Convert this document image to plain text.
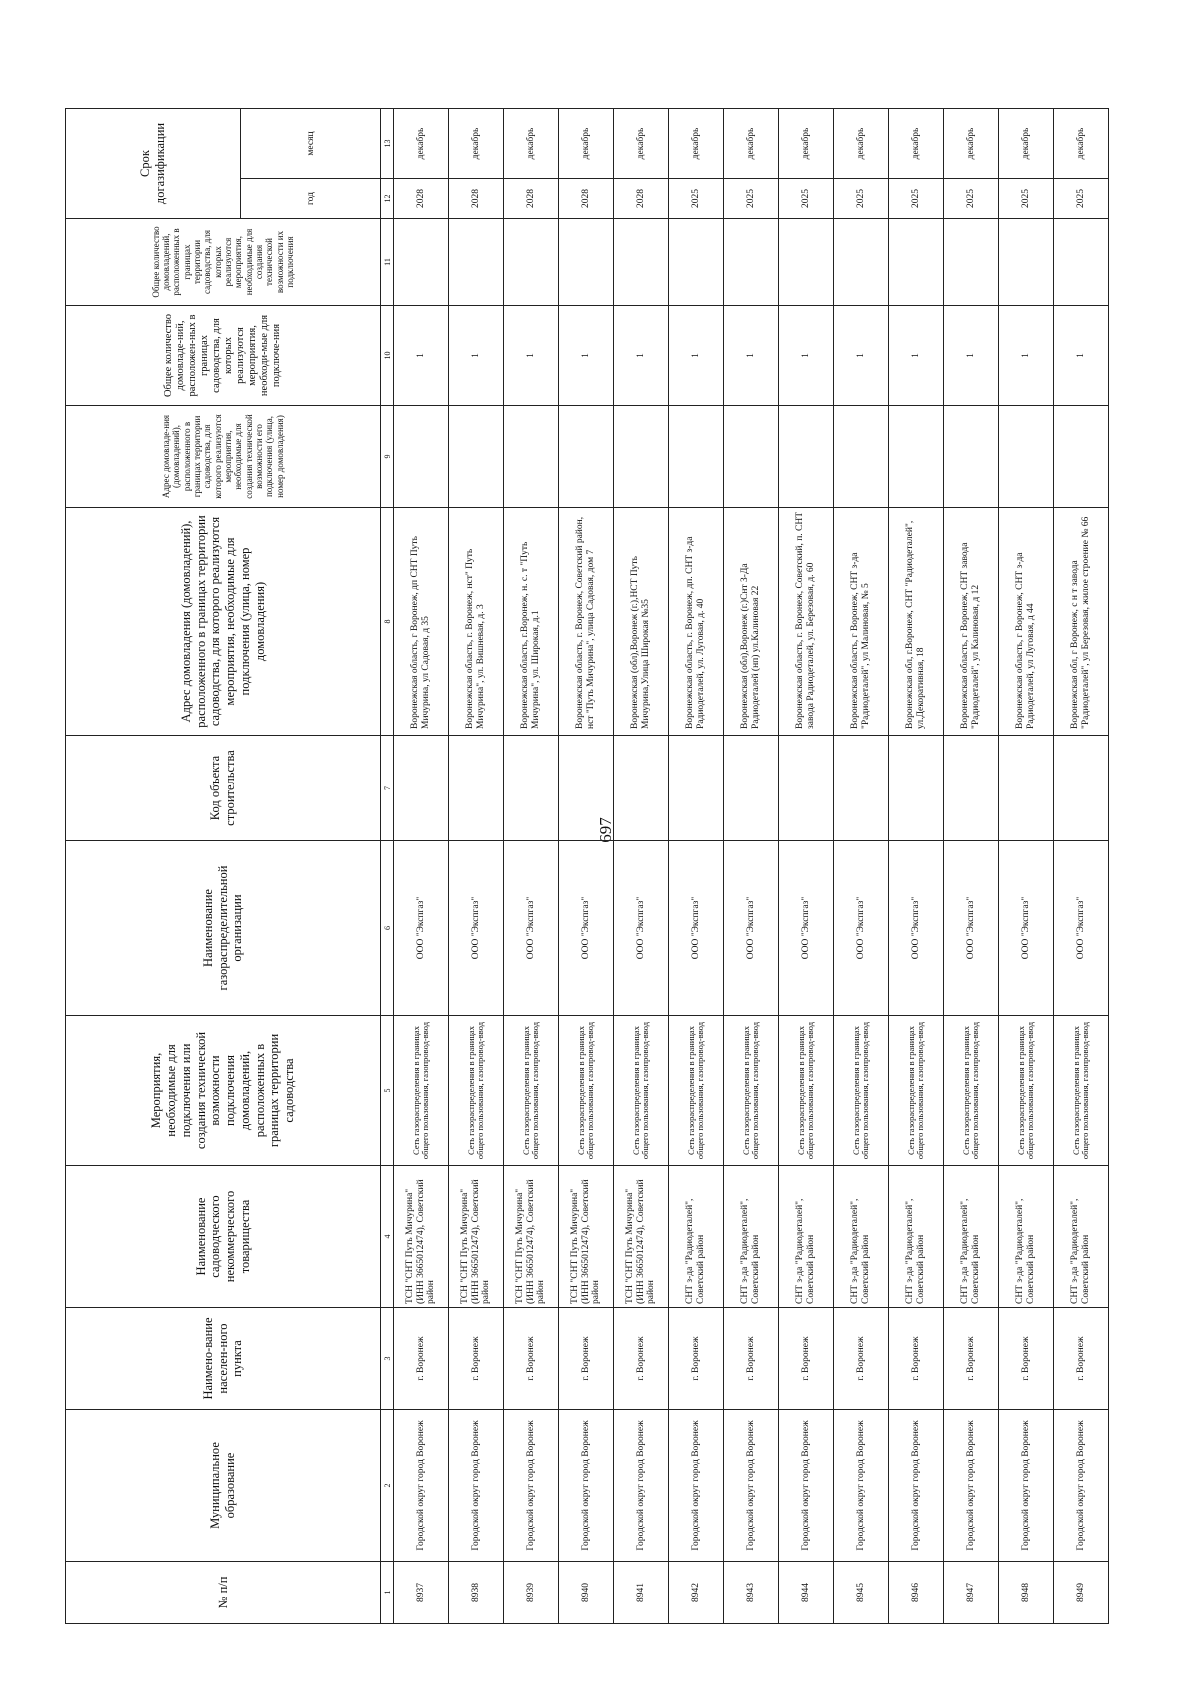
697
№ п/п	Муниципальное образование	Наимено-вание населен-ного пункта	Наименование садоводческого некоммерческого товарищества	Мероприятия, необходимые для подключения или создания технической возможности подключения домовладений, расположенных в границах территории садоводства	Наименование газораспределительной организации	Код объекта строительства	Адрес домовладения (домовладений), расположенного в границах территории садоводства, для которого реализуются мероприятия, необходимые для подключения (улица, номер домовладения)	Адрес домовладе-ния (домовладений), расположенного в границах территории садоводства, для которого реализуются мероприятия, необходимые для создания технической возможности его подключения (улица, номер домовладения)	Общее количество домовладе-ний, расположен-ных в границах садоводства, для которых реализуются мероприятия, необходи-мые для подключе-ния	Общее количество домовладений, расположенных в границах территории садоводства, для которых реализуются мероприятия, необходимые для создания технической возможности их подключения	Срок догазификации	
											год	месяц
1	2	3	4	5	6	7	8	9	10	11	12	13
8937	Городской округ город Воронеж	г. Воронеж	ТСН "СНТ Путь Мичурина" (ИНН 3665012474), Советский район	Сеть газораспределения в границах общего пользования, газопровод-ввод	ООО "Экспгаз"		Воронежская область, г Воронеж, дп СНТ Путь Мичурина, ул Садовая, д 35		1		2028	декабрь
8938	Городской округ город Воронеж	г. Воронеж	ТСН "СНТ Путь Мичурина" (ИНН 3665012474), Советский район	Сеть газораспределения в границах общего пользования, газопровод-ввод	ООО "Экспгаз"		Воронежская область, г. Воронеж, нст" Путь Мичурина", ул. Вишневая, д. 3		1		2028	декабрь
8939	Городской округ город Воронеж	г. Воронеж	ТСН "СНТ Путь Мичурина" (ИНН 3665012474), Советский район	Сеть газораспределения в границах общего пользования, газопровод-ввод	ООО "Экспгаз"		Воронежская область, г.Воронеж, н. с. т "Путь Мичурина", ул. Широкая, д.1		1		2028	декабрь
8940	Городской округ город Воронеж	г. Воронеж	ТСН "СНТ Путь Мичурина" (ИНН 3665012474), Советский район	Сеть газораспределения в границах общего пользования, газопровод-ввод	ООО "Экспгаз"		Воронежская область, г. Воронеж, Советский район, нст "Путь Мичурина", улица Садовая, дом 7		1		2028	декабрь
8941	Городской округ город Воронеж	г. Воронеж	ТСН "СНТ Путь Мичурина" (ИНН 3665012474), Советский район	Сеть газораспределения в границах общего пользования, газопровод-ввод	ООО "Экспгаз"		Воронежская (обл),Воронеж (г.),НСТ Путь Мичурина,Улица Широкая №35		1		2028	декабрь
8942	Городской округ город Воронеж	г. Воронеж	СНТ з-да "Радиодеталей", Советский район	Сеть газораспределения в границах общего пользования, газопровод-ввод	ООО "Экспгаз"		Воронежская область, г. Воронеж, дп. СНТ з-да Радиодеталей, ул. Луговая, д. 40		1		2025	декабрь
8943	Городской округ город Воронеж	г. Воронеж	СНТ з-да "Радиодеталей", Советский район	Сеть газораспределения в границах общего пользования, газопровод-ввод	ООО "Экспгаз"		Воронежская (обл),Воронеж (г.)Снт З-Да Радиодеталей (нп) ул.Калиновая 22		1		2025	декабрь
8944	Городской округ город Воронеж	г. Воронеж	СНТ з-да "Радиодеталей", Советский район	Сеть газораспределения в границах общего пользования, газопровод-ввод	ООО "Экспгаз"		Воронежская область, г. Воронеж, Советский, п. СНТ завода Радиодеталей, ул. Березовая, д. 60		1		2025	декабрь
8945	Городской округ город Воронеж	г. Воронеж	СНТ з-да "Радиодеталей", Советский район	Сеть газораспределения в границах общего пользования, газопровод-ввод	ООО "Экспгаз"		Воронежская область, г Воронеж, СНТ з-да "Радиодеталей", ул Малиновая, № 5		1		2025	декабрь
8946	Городской округ город Воронеж	г. Воронеж	СНТ з-да "Радиодеталей", Советский район	Сеть газораспределения в границах общего пользования, газопровод-ввод	ООО "Экспгаз"		Воронежская обл, г.Воронеж, СНТ "Радиодеталей", ул.Декоративная, 18		1		2025	декабрь
8947	Городской округ город Воронеж	г. Воронеж	СНТ з-да "Радиодеталей", Советский район	Сеть газораспределения в границах общего пользования, газопровод-ввод	ООО "Экспгаз"		Воронежская область, г Воронеж, СНТ завода "Радиодеталей", ул Калиновая, д 12		1		2025	декабрь
8948	Городской округ город Воронеж	г. Воронеж	СНТ з-да "Радиодеталей", Советский район	Сеть газораспределения в границах общего пользования, газопровод-ввод	ООО "Экспгаз"		Воронежская область, г Воронеж, СНТ з-да Радиодеталей, ул Луговая, д 44		1		2025	декабрь
8949	Городской округ город Воронеж	г. Воронеж	СНТ з-да "Радиодеталей", Советский район	Сеть газораспределения в границах общего пользования, газопровод-ввод	ООО "Экспгаз"		Воронежская обл, г Воронеж, с н т завода "Радиодеталей", ул Березовая, жилое строение № 66		1		2025	декабрь
